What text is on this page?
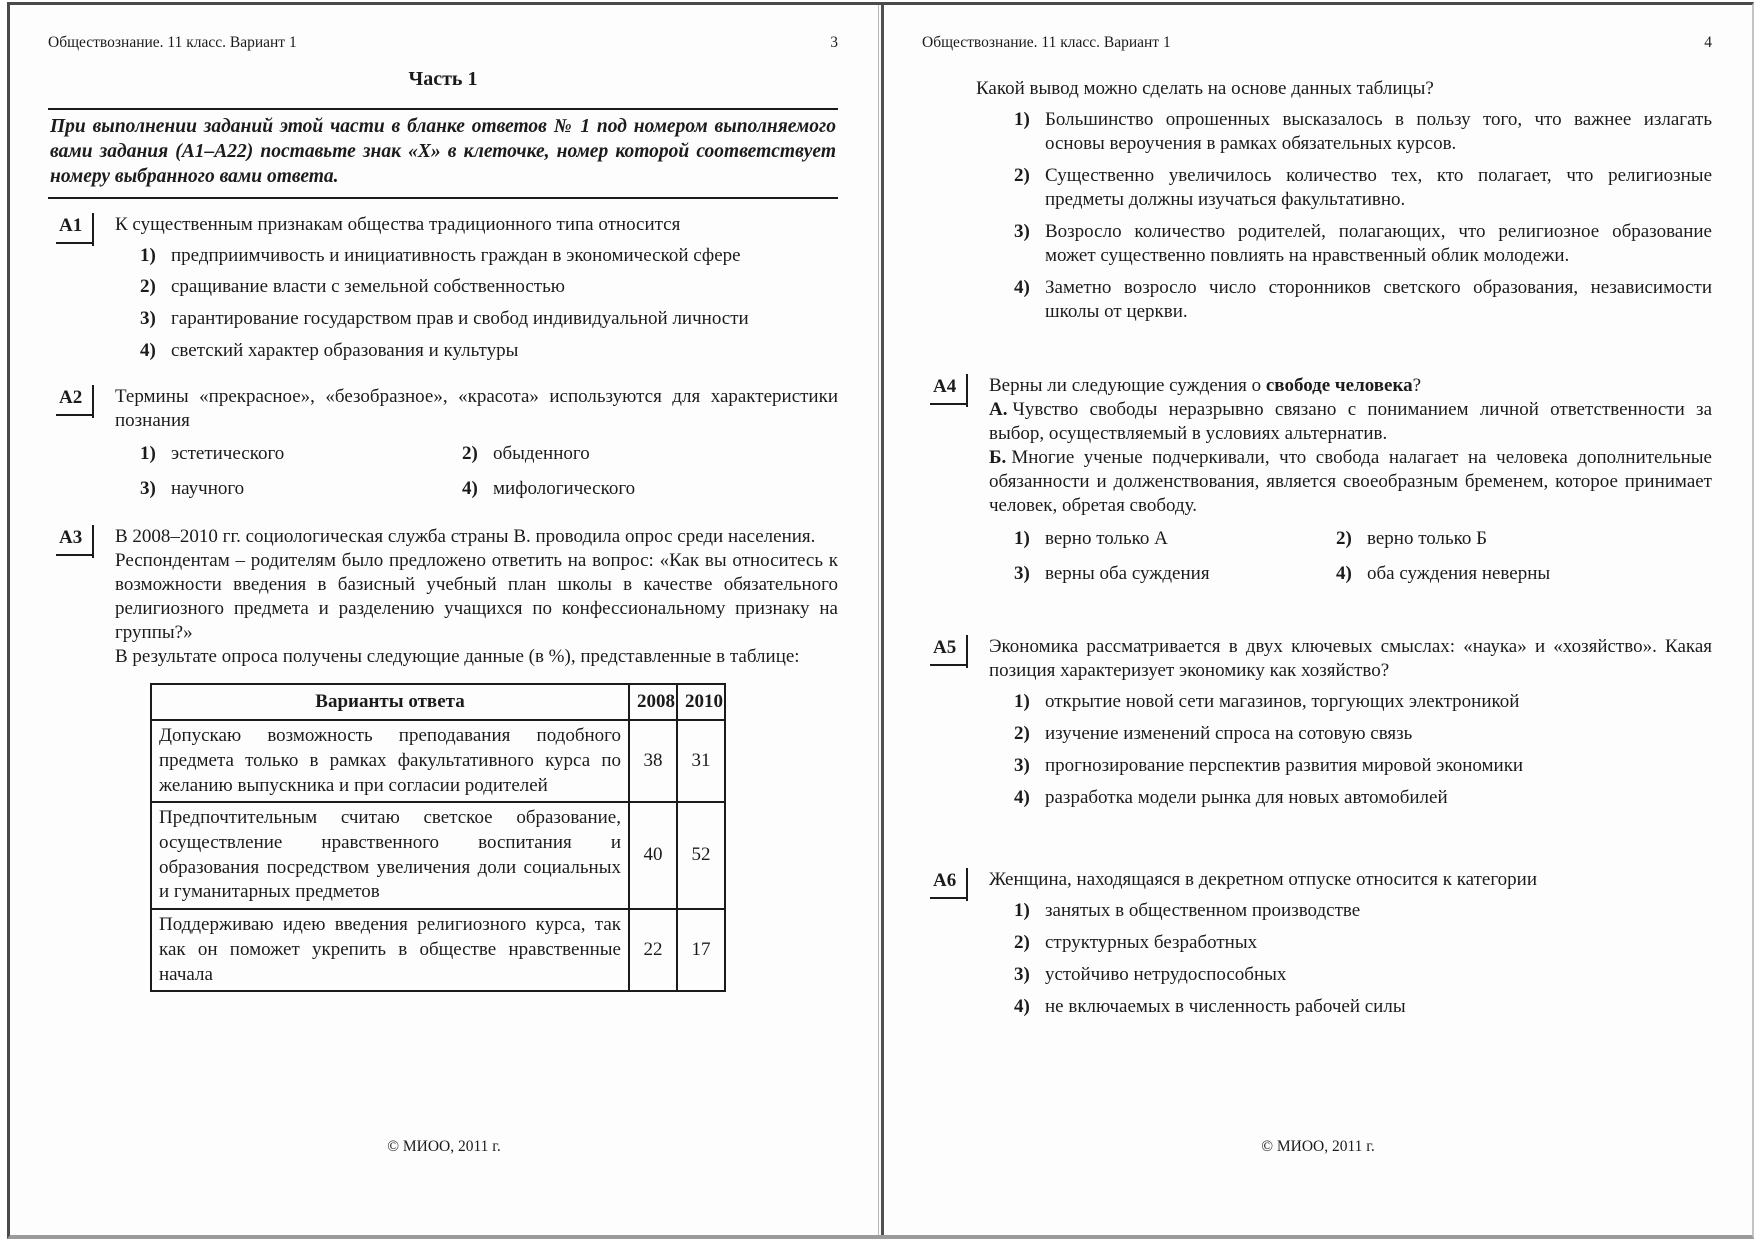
Обществознание. 11 класс. Вариант 1	3
Часть 1
При выполнении заданий этой части в бланке ответов № 1 под номером выполняемого вами задания (А1–А22) поставьте знак «Х» в клеточке, номер которой соответствует номеру выбранного вами ответа.
А1	К существенным признакам общества традиционного типа относится

1) предприимчивость и инициативность граждан в экономической сфере
2) сращивание власти с земельной собственностью
3) гарантирование государством прав и свобод индивидуальной личности
4) светский характер образования и культуры
А2	Термины «прекрасное», «безобразное», «красота» используются для характеристики познания

1) эстетического	2) обыденного
3) научного	4) мифологического
А3	В 2008–2010 гг. социологическая служба страны В. проводила опрос среди населения.

Респондентам – родителям было предложено ответить на вопрос: «Как вы относитесь к возможности введения в базисный учебный план школы в качестве обязательного религиозного предмета и разделению учащихся по конфессиональному признаку на группы?»

В результате опроса получены следующие данные (в %), представленные в таблице:

Варианты ответа	2008	2010
Допускаю возможность преподавания подобного предмета только в рамках факультативного курса по желанию выпускника и при согласии родителей	38	31
Предпочтительным считаю светское образование, осуществление нравственного воспитания и образования посредством увеличения доли социальных и гуманитарных предметов	40	52
Поддерживаю идею введения религиозного курса, так как он поможет укрепить в обществе нравственные начала	22	17
© МИОО, 2011 г.
Обществознание. 11 класс. Вариант 1	4

Какой вывод можно сделать на основе данных таблицы?

1) Большинство опрошенных высказалось в пользу того, что важнее излагать основы вероучения в рамках обязательных курсов.
2) Существенно увеличилось количество тех, кто полагает, что религиозные предметы должны изучаться факультативно.
3) Возросло количество родителей, полагающих, что религиозное образование может существенно повлиять на нравственный облик молодежи.
4) Заметно возросло число сторонников светского образования, независимости школы от церкви.
А4	Верны ли следующие суждения о свободе человека?

А. Чувство свободы неразрывно связано с пониманием личной ответственности за выбор, осуществляемый в условиях альтернатив.

Б. Многие ученые подчеркивали, что свобода налагает на человека дополнительные обязанности и долженствования, является своеобразным бременем, которое принимает человек, обретая свободу.

1) верно только А	2) верно только Б
3) верны оба суждения	4) оба суждения неверны
А5	Экономика рассматривается в двух ключевых смыслах: «наука» и «хозяйство». Какая позиция характеризует экономику как хозяйство?

1) открытие новой сети магазинов, торгующих электроникой
2) изучение изменений спроса на сотовую связь
3) прогнозирование перспектив развития мировой экономики
4) разработка модели рынка для новых автомобилей
А6	Женщина, находящаяся в декретном отпуске относится к категории

1) занятых в общественном производстве
2) структурных безработных
3) устойчиво нетрудоспособных
4) не включаемых в численность рабочей силы
© МИОО, 2011 г.
